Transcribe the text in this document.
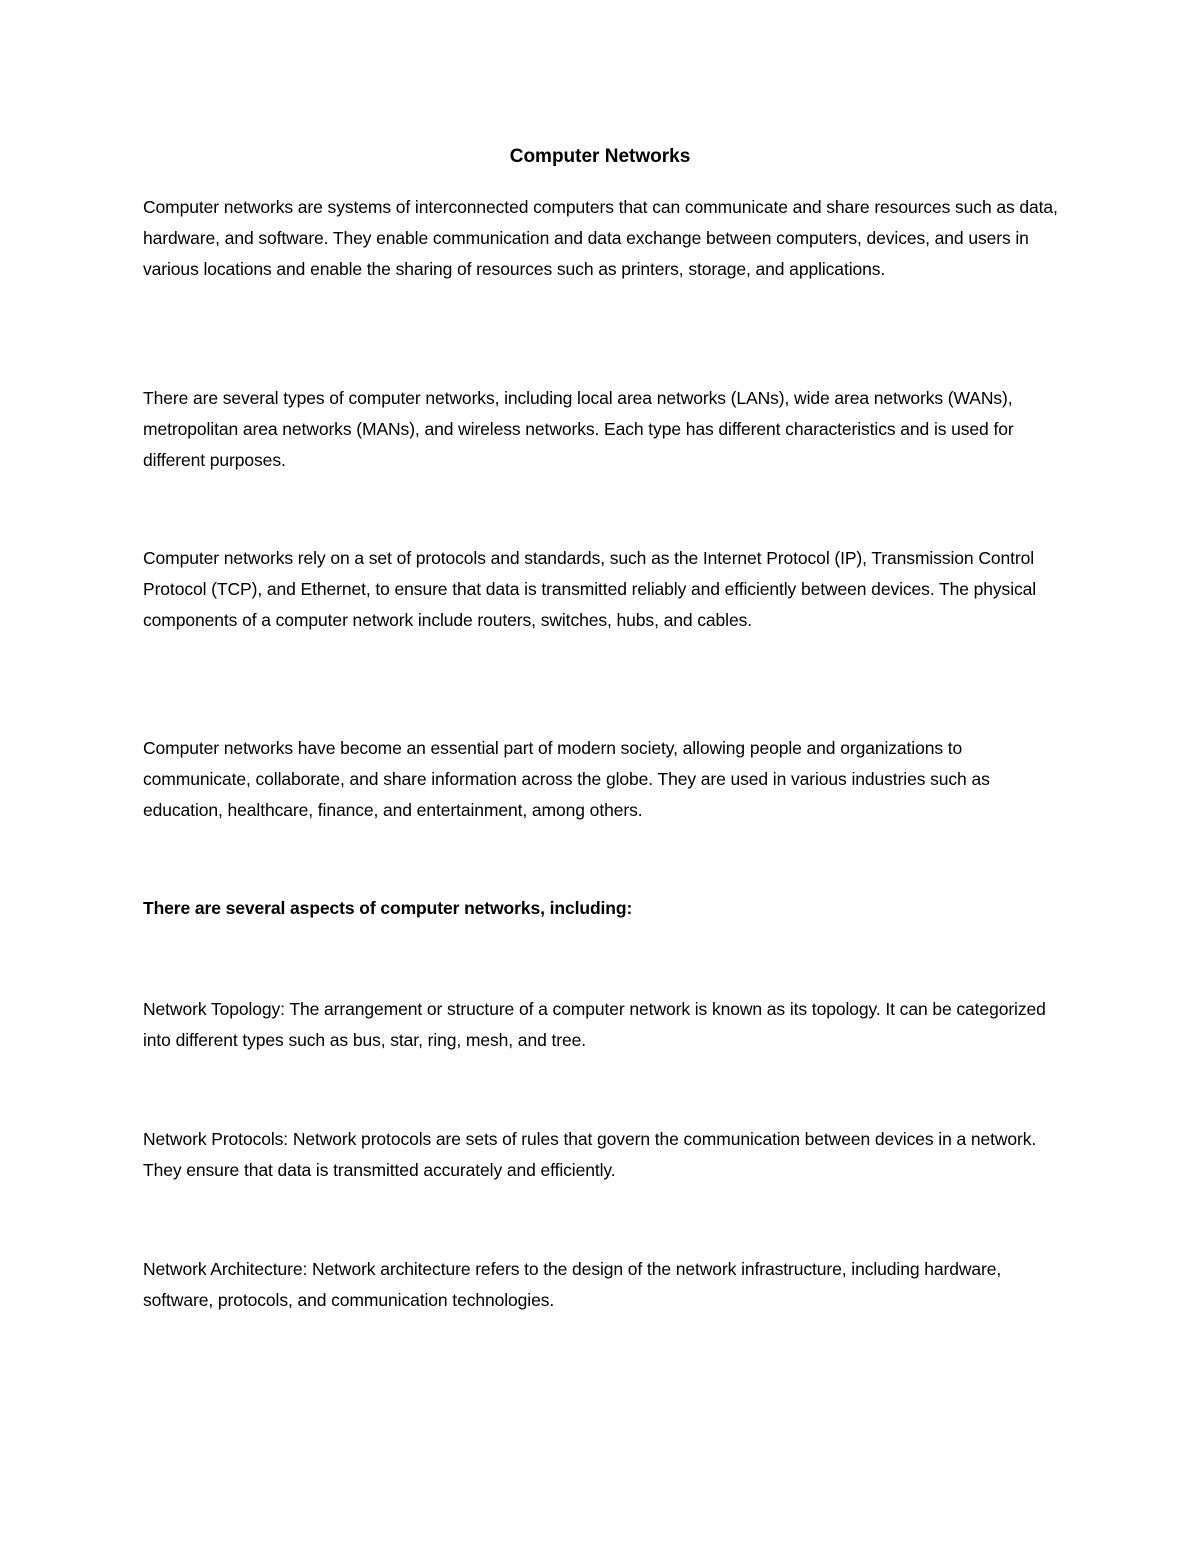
Computer Networks

Computer networks are systems of interconnected computers that can communicate and share resources such as data, hardware, and software. They enable communication and data exchange between computers, devices, and users in various locations and enable the sharing of resources such as printers, storage, and applications.

There are several types of computer networks, including local area networks (LANs), wide area networks (WANs), metropolitan area networks (MANs), and wireless networks. Each type has different characteristics and is used for different purposes.

Computer networks rely on a set of protocols and standards, such as the Internet Protocol (IP), Transmission Control Protocol (TCP), and Ethernet, to ensure that data is transmitted reliably and efficiently between devices. The physical components of a computer network include routers, switches, hubs, and cables.

Computer networks have become an essential part of modern society, allowing people and organizations to communicate, collaborate, and share information across the globe. They are used in various industries such as education, healthcare, finance, and entertainment, among others.

There are several aspects of computer networks, including:

Network Topology: The arrangement or structure of a computer network is known as its topology. It can be categorized into different types such as bus, star, ring, mesh, and tree.

Network Protocols: Network protocols are sets of rules that govern the communication between devices in a network. They ensure that data is transmitted accurately and efficiently.

Network Architecture: Network architecture refers to the design of the network infrastructure, including hardware, software, protocols, and communication technologies.
